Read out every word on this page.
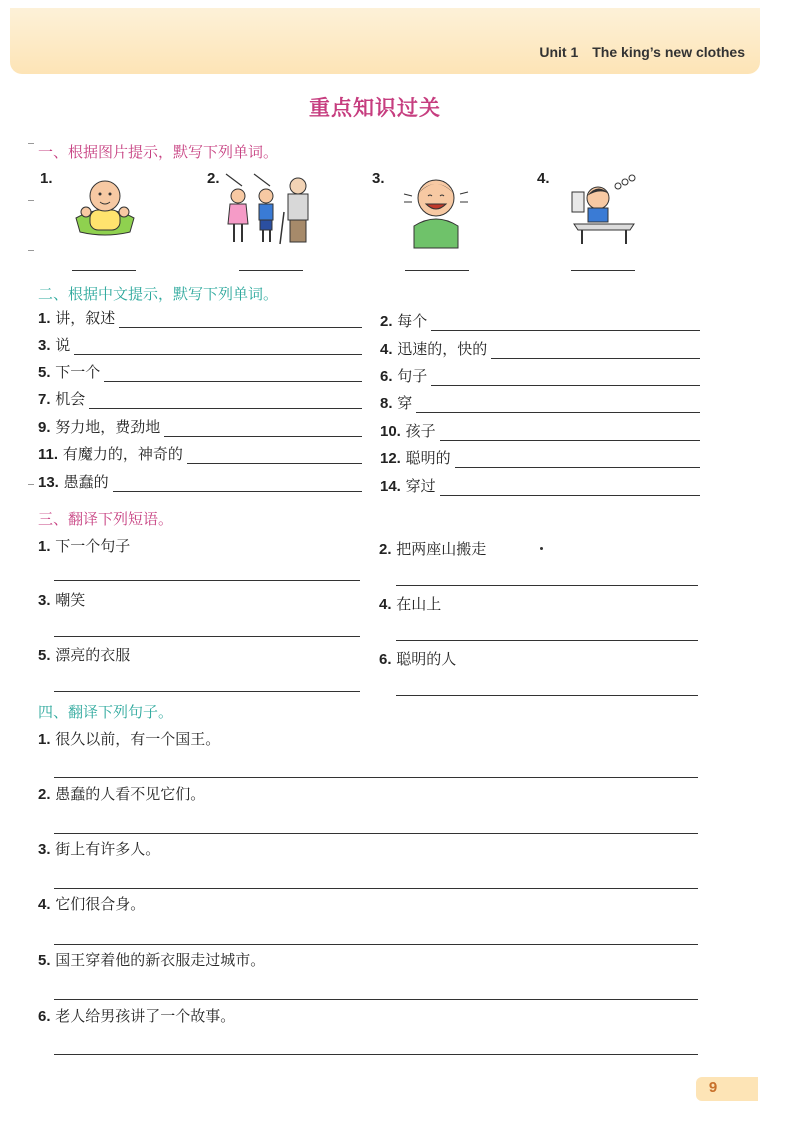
Unit 1 The king’s new clothes
重点知识过关
一、根据图片提示，默写下列单词。
1.	2.	3.	4.
二、根据中文提示，默写下列单词。
1. 讲，叙述	2. 每个
3. 说	4. 迅速的，快的
5. 下一个	6. 句子
7. 机会	8. 穿
9. 努力地，费劲地	10. 孩子
11. 有魔力的，神奇的	12. 聪明的
13. 愚蠢的	14. 穿过
三、翻译下列短语。
1. 下一个句子	2. 把两座山搬走
3. 嘲笑	4. 在山上
5. 漂亮的衣服	6. 聪明的人
四、翻译下列句子。
1. 很久以前，有一个国王。
2. 愚蠢的人看不见它们。
3. 街上有许多人。
4. 它们很合身。
5. 国王穿着他的新衣服走过城市。
6. 老人给男孩讲了一个故事。
9
